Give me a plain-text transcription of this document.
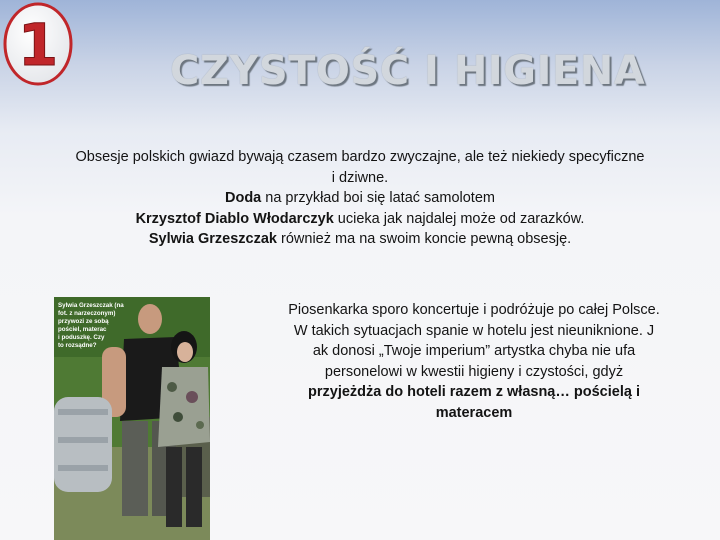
1	CZYSTOŚĆ I HIGIENA
Obsesje polskich gwiazd bywają czasem bardzo zwyczajne, ale też niekiedy specyficzne
i dziwne.
Doda na przykład boi się latać samolotem
Krzysztof Diablo Włodarczyk ucieka jak najdalej może od zarazków.
Sylwia Grzeszczak również ma na swoim koncie pewną obsesję.
Sylwia Grzeszczak (na
fot. z narzeczonym)
przywozi ze sobą
pościel, materac
i poduszkę. Czy
to rozsądne?
Piosenkarka sporo koncertuje i podróżuje po całej Polsce.
W takich sytuacjach spanie w hotelu jest nieuniknione. J
ak donosi „Twoje imperium” artystka chyba nie ufa
personelowi w kwestii higieny i czystości, gdyż
przyjeżdża do hoteli razem z własną… pościelą i
materacem
